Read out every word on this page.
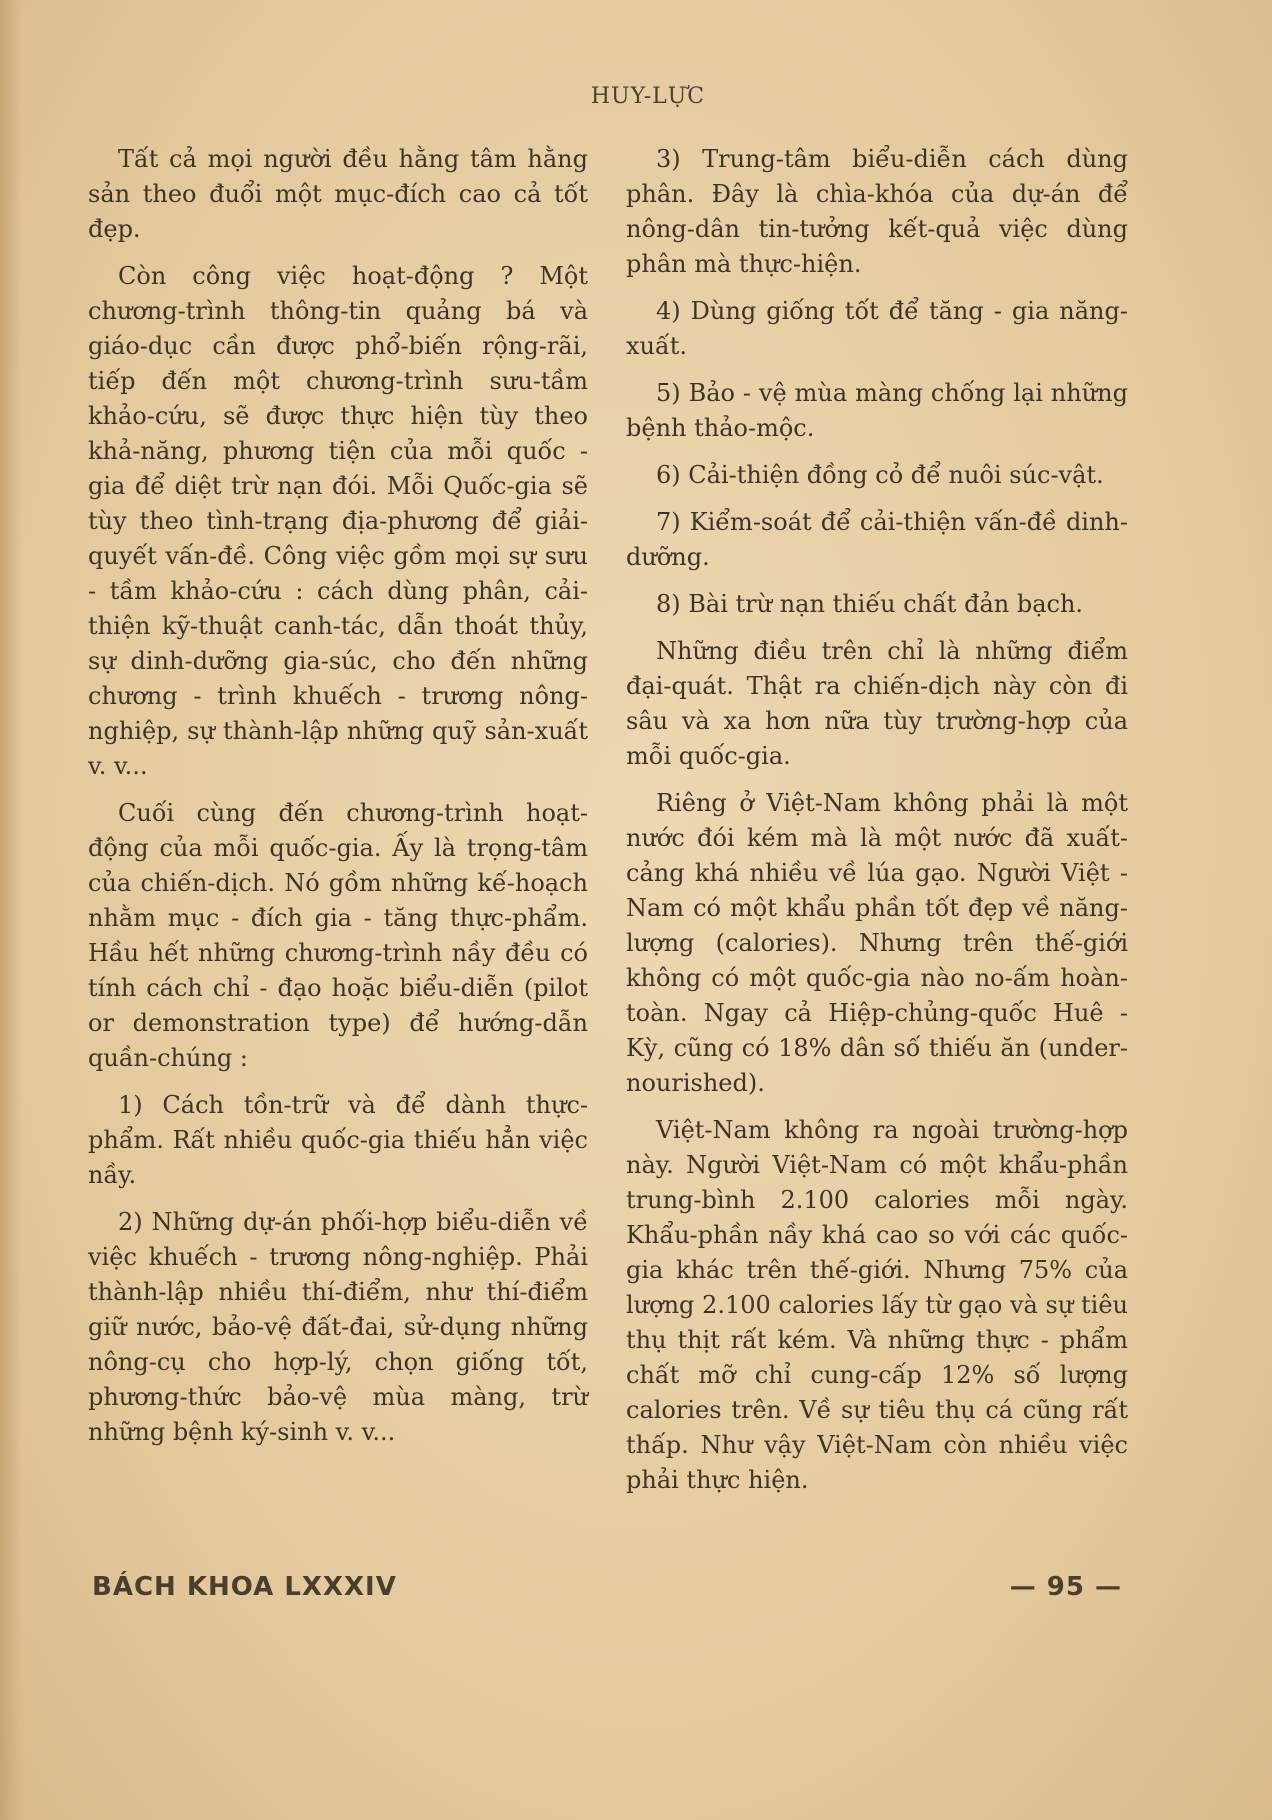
HUY-LỰC

Tất cả mọi người đều hằng tâm hằng sản theo đuổi một mục-đích cao cả tốt đẹp.

Còn công việc hoạt-động ? Một chương-trình thông-tin quảng bá và giáo-dục cần được phổ-biến rộng-rãi, tiếp đến một chương-trình sưu-tầm khảo-cứu, sẽ được thực hiện tùy theo khả-năng, phương tiện của mỗi quốc - gia để diệt trừ nạn đói. Mỗi Quốc-gia sẽ tùy theo tình-trạng địa-phương để giải-quyết vấn-đề. Công việc gồm mọi sự sưu - tầm khảo-cứu : cách dùng phân, cải-thiện kỹ-thuật canh-tác, dẫn thoát thủy, sự dinh-dưỡng gia-súc, cho đến những chương - trình khuếch - trương nông-nghiệp, sự thành-lập những quỹ sản-xuất v. v...

Cuối cùng đến chương-trình hoạt-động của mỗi quốc-gia. Ấy là trọng-tâm của chiến-dịch. Nó gồm những kế-hoạch nhằm mục - đích gia - tăng thực-phẩm. Hầu hết những chương-trình nầy đều có tính cách chỉ - đạo hoặc biểu-diễn (pilot or demonstration type) để hướng-dẫn quần-chúng :

1) Cách tồn-trữ và để dành thực-phẩm. Rất nhiều quốc-gia thiếu hẳn việc nầy.

2) Những dự-án phối-hợp biểu-diễn về việc khuếch - trương nông-nghiệp. Phải thành-lập nhiều thí-điểm, như thí-điểm giữ nước, bảo-vệ đất-đai, sử-dụng những nông-cụ cho hợp-lý, chọn giống tốt, phương-thức bảo-vệ mùa màng, trừ những bệnh ký-sinh v. v...

3) Trung-tâm biểu-diễn cách dùng phân. Đây là chìa-khóa của dự-án để nông-dân tin-tưởng kết-quả việc dùng phân mà thực-hiện.

4) Dùng giống tốt để tăng - gia năng-xuất.

5) Bảo - vệ mùa màng chống lại những bệnh thảo-mộc.

6) Cải-thiện đồng cỏ để nuôi súc-vật.

7) Kiểm-soát để cải-thiện vấn-đề dinh-dưỡng.

8) Bài trừ nạn thiếu chất đản bạch.

Những điều trên chỉ là những điểm đại-quát. Thật ra chiến-dịch này còn đi sâu và xa hơn nữa tùy trường-hợp của mỗi quốc-gia.

Riêng ở Việt-Nam không phải là một nước đói kém mà là một nước đã xuất-cảng khá nhiều về lúa gạo. Người Việt - Nam có một khẩu phần tốt đẹp về năng-lượng (calories). Nhưng trên thế-giới không có một quốc-gia nào no-ấm hoàn-toàn. Ngay cả Hiệp-chủng-quốc Huê - Kỳ, cũng có 18% dân số thiếu ăn (under-nourished).

Việt-Nam không ra ngoài trường-hợp này. Người Việt-Nam có một khẩu-phần trung-bình 2.100 calories mỗi ngày. Khẩu-phần nầy khá cao so với các quốc-gia khác trên thế-giới. Nhưng 75% của lượng 2.100 calories lấy từ gạo và sự tiêu thụ thịt rất kém. Và những thực - phẩm chất mỡ chỉ cung-cấp 12% số lượng calories trên. Về sự tiêu thụ cá cũng rất thấp. Như vậy Việt-Nam còn nhiều việc phải thực hiện.

BÁCH KHOA LXXXIV	— 95 —
